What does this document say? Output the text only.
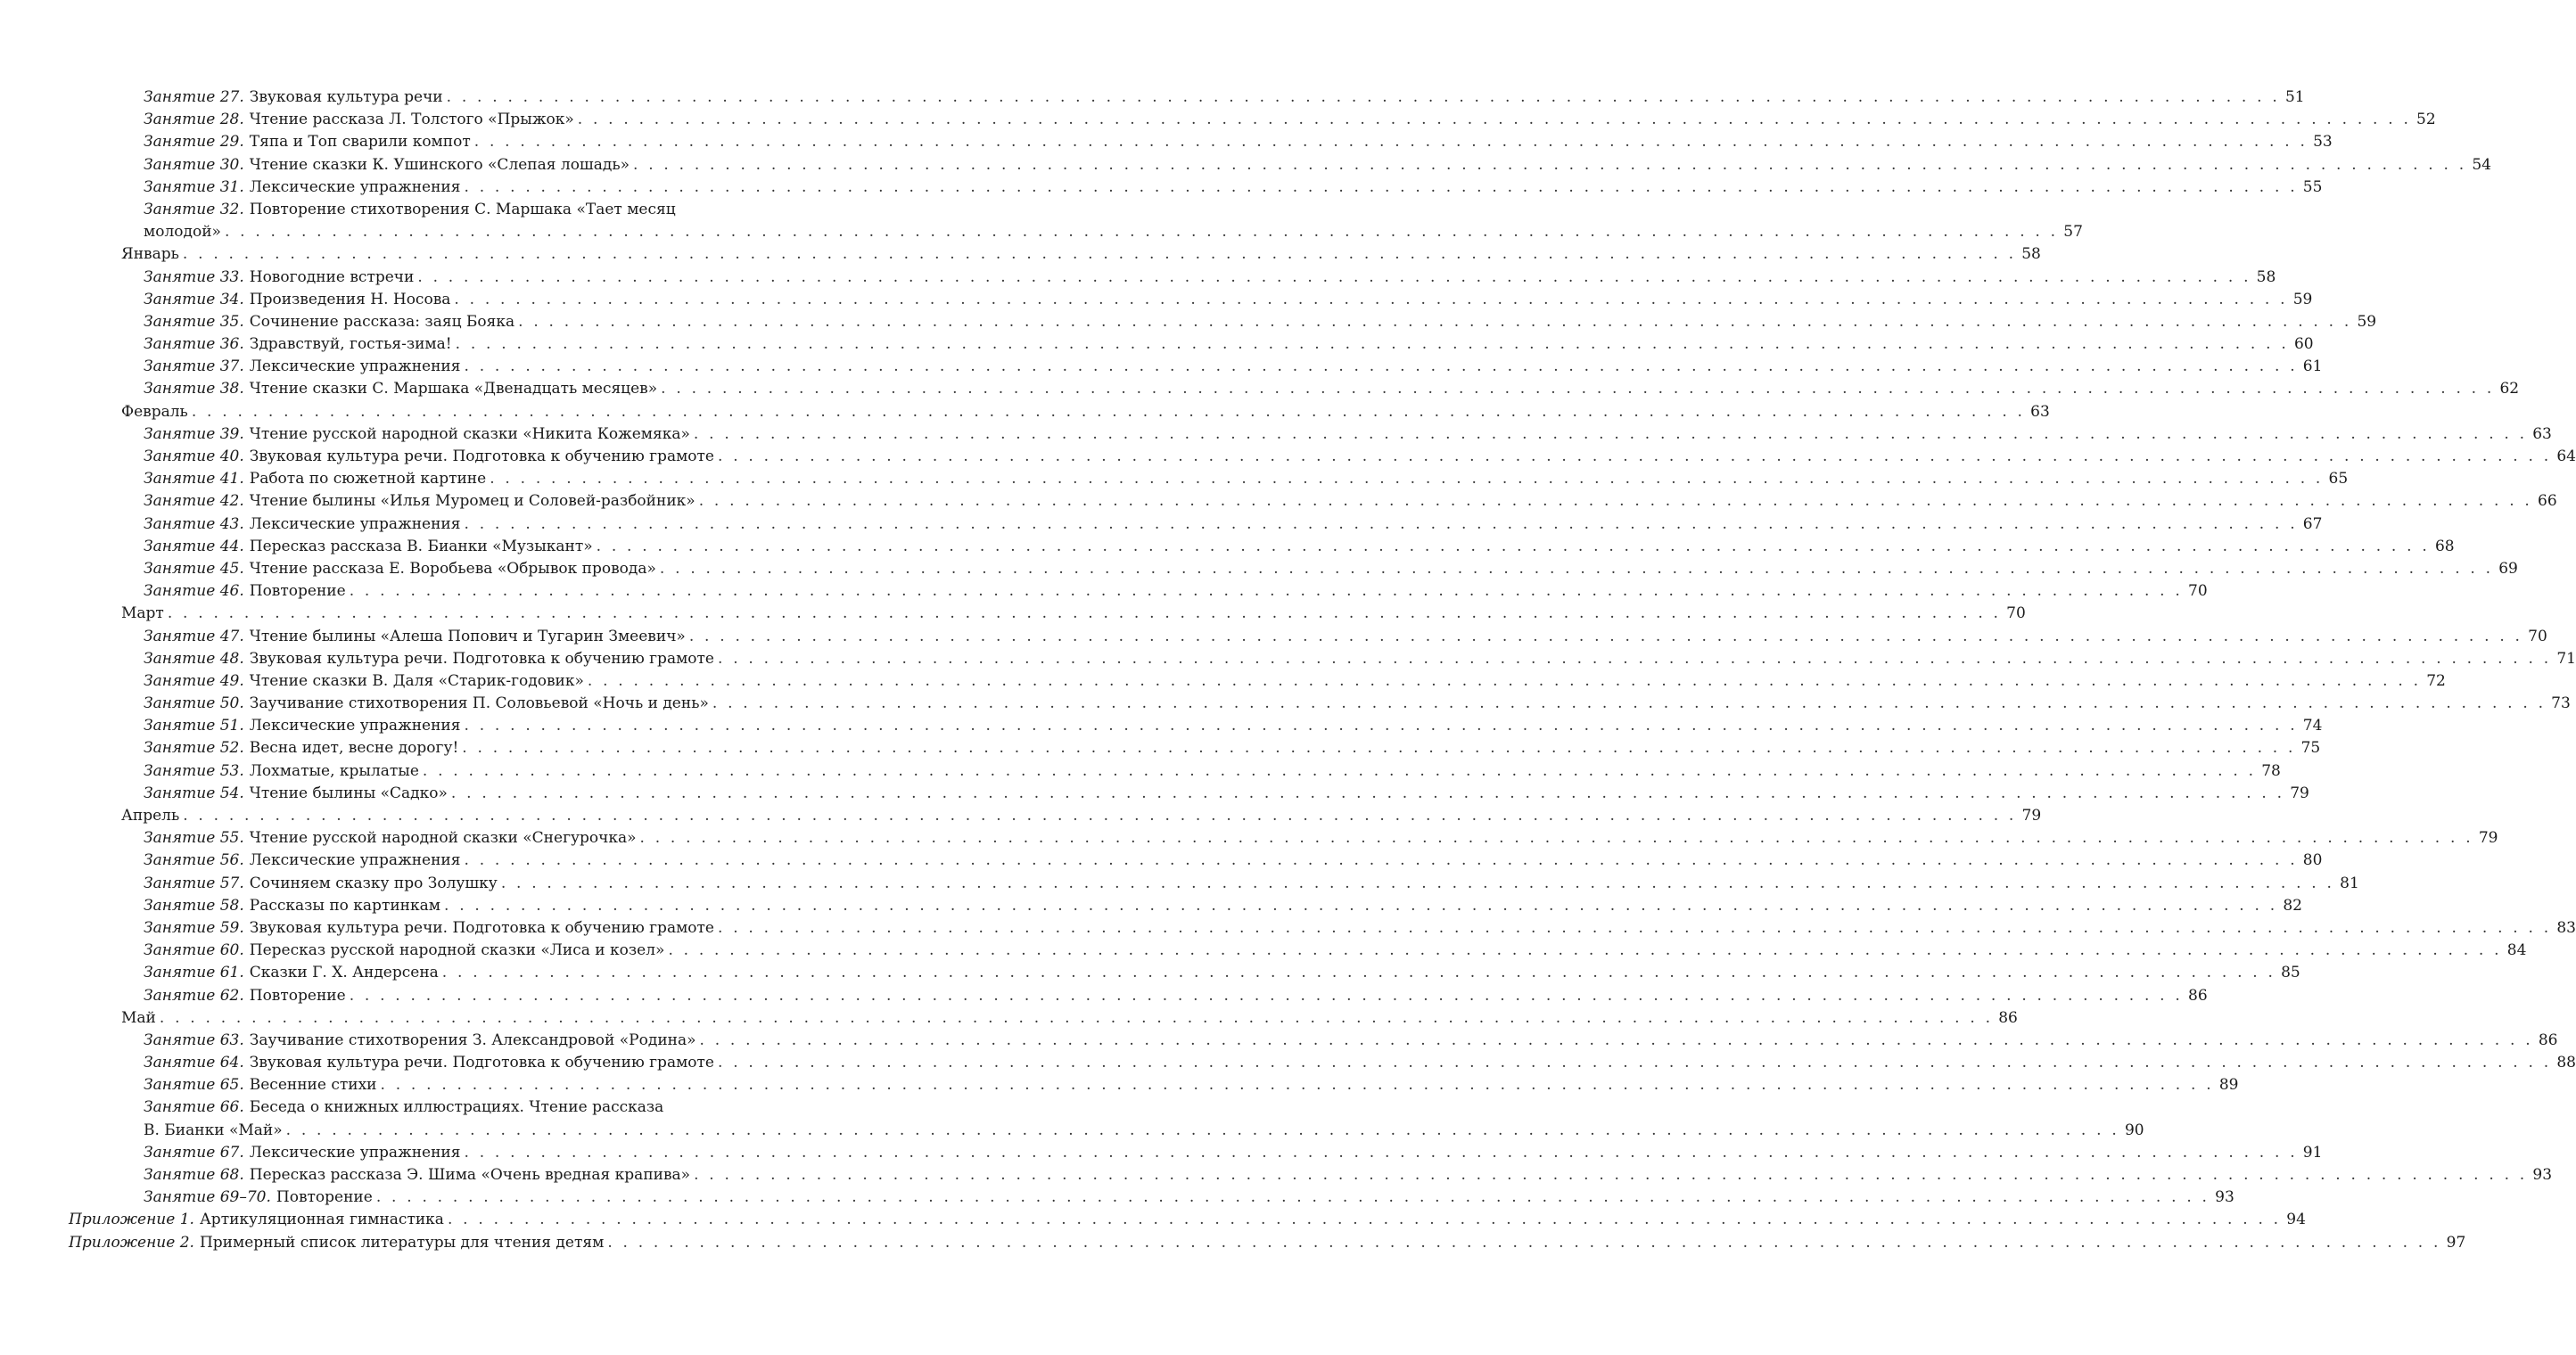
Занятие 27. Звуковая культура речи . . . . . . . . . . . . . . . . . . . . . . . . . . . . . . . . . . . . . . . . . . . . . . . . . . . . . . . . . . . . . . . . . . . . . . . . . . . . . . . . . . . . . . . . . . . . . . . . . . . . . . . . . . . . . . . . . . . . . . . . 51
Занятие 28. Чтение рассказа Л. Толстого «Прыжок» . . . . . . . . . . . . . . . . . . . . . . . . . . . . . . . . . . . . . . . . . . . . . . . . . . . . . . . . . . . . . . . . . . . . . . . . . . . . . . . . . . . . . . . . . . . . . . . . . . . . . . . . . . . . . . . . . . . . . . . . 52
Занятие 29. Тяпа и Топ сварили компот . . . . . . . . . . . . . . . . . . . . . . . . . . . . . . . . . . . . . . . . . . . . . . . . . . . . . . . . . . . . . . . . . . . . . . . . . . . . . . . . . . . . . . . . . . . . . . . . . . . . . . . . . . . . . . . . . . . . . . . . 53
Занятие 30. Чтение сказки К. Ушинского «Слепая лошадь» . . . . . . . . . . . . . . . . . . . . . . . . . . . . . . . . . . . . . . . . . . . . . . . . . . . . . . . . . . . . . . . . . . . . . . . . . . . . . . . . . . . . . . . . . . . . . . . . . . . . . . . . . . . . . . . . . . . . . . . . 54
Занятие 31. Лексические упражнения . . . . . . . . . . . . . . . . . . . . . . . . . . . . . . . . . . . . . . . . . . . . . . . . . . . . . . . . . . . . . . . . . . . . . . . . . . . . . . . . . . . . . . . . . . . . . . . . . . . . . . . . . . . . . . . . . . . . . . . . 55
Занятие 32. Повторение стихотворения С. Маршака «Тает месяц
молодой» . . . . . . . . . . . . . . . . . . . . . . . . . . . . . . . . . . . . . . . . . . . . . . . . . . . . . . . . . . . . . . . . . . . . . . . . . . . . . . . . . . . . . . . . . . . . . . . . . . . . . . . . . . . . . . . . . . . . . . . . 57
Январь . . . . . . . . . . . . . . . . . . . . . . . . . . . . . . . . . . . . . . . . . . . . . . . . . . . . . . . . . . . . . . . . . . . . . . . . . . . . . . . . . . . . . . . . . . . . . . . . . . . . . . . . . . . . . . . . . . . . . . . . 58
Занятие 33. Новогодние встречи . . . . . . . . . . . . . . . . . . . . . . . . . . . . . . . . . . . . . . . . . . . . . . . . . . . . . . . . . . . . . . . . . . . . . . . . . . . . . . . . . . . . . . . . . . . . . . . . . . . . . . . . . . . . . . . . . . . . . . . . 58
Занятие 34. Произведения Н. Носова . . . . . . . . . . . . . . . . . . . . . . . . . . . . . . . . . . . . . . . . . . . . . . . . . . . . . . . . . . . . . . . . . . . . . . . . . . . . . . . . . . . . . . . . . . . . . . . . . . . . . . . . . . . . . . . . . . . . . . . . 59
Занятие 35. Сочинение рассказа: заяц Бояка . . . . . . . . . . . . . . . . . . . . . . . . . . . . . . . . . . . . . . . . . . . . . . . . . . . . . . . . . . . . . . . . . . . . . . . . . . . . . . . . . . . . . . . . . . . . . . . . . . . . . . . . . . . . . . . . . . . . . . . . 59
Занятие 36. Здравствуй, гостья-зима! . . . . . . . . . . . . . . . . . . . . . . . . . . . . . . . . . . . . . . . . . . . . . . . . . . . . . . . . . . . . . . . . . . . . . . . . . . . . . . . . . . . . . . . . . . . . . . . . . . . . . . . . . . . . . . . . . . . . . . . . 60
Занятие 37. Лексические упражнения . . . . . . . . . . . . . . . . . . . . . . . . . . . . . . . . . . . . . . . . . . . . . . . . . . . . . . . . . . . . . . . . . . . . . . . . . . . . . . . . . . . . . . . . . . . . . . . . . . . . . . . . . . . . . . . . . . . . . . . . 61
Занятие 38. Чтение сказки С. Маршака «Двенадцать месяцев» . . . . . . . . . . . . . . . . . . . . . . . . . . . . . . . . . . . . . . . . . . . . . . . . . . . . . . . . . . . . . . . . . . . . . . . . . . . . . . . . . . . . . . . . . . . . . . . . . . . . . . . . . . . . . . . . . . . . . . . . 62
Февраль . . . . . . . . . . . . . . . . . . . . . . . . . . . . . . . . . . . . . . . . . . . . . . . . . . . . . . . . . . . . . . . . . . . . . . . . . . . . . . . . . . . . . . . . . . . . . . . . . . . . . . . . . . . . . . . . . . . . . . . . 63
Занятие 39. Чтение русской народной сказки «Никита Кожемяка» . . . . . . . . . . . . . . . . . . . . . . . . . . . . . . . . . . . . . . . . . . . . . . . . . . . . . . . . . . . . . . . . . . . . . . . . . . . . . . . . . . . . . . . . . . . . . . . . . . . . . . . . . . . . . . . . . . . . . . . . 63
Занятие 40. Звуковая культура речи. Подготовка к обучению грамоте . . . . . . . . . . . . . . . . . . . . . . . . . . . . . . . . . . . . . . . . . . . . . . . . . . . . . . . . . . . . . . . . . . . . . . . . . . . . . . . . . . . . . . . . . . . . . . . . . . . . . . . . . . . . . . . . . . . . . . . . 64
Занятие 41. Работа по сюжетной картине . . . . . . . . . . . . . . . . . . . . . . . . . . . . . . . . . . . . . . . . . . . . . . . . . . . . . . . . . . . . . . . . . . . . . . . . . . . . . . . . . . . . . . . . . . . . . . . . . . . . . . . . . . . . . . . . . . . . . . . . 65
Занятие 42. Чтение былины «Илья Муромец и Соловей-разбойник» . . . . . . . . . . . . . . . . . . . . . . . . . . . . . . . . . . . . . . . . . . . . . . . . . . . . . . . . . . . . . . . . . . . . . . . . . . . . . . . . . . . . . . . . . . . . . . . . . . . . . . . . . . . . . . . . . . . . . . . . 66
Занятие 43. Лексические упражнения . . . . . . . . . . . . . . . . . . . . . . . . . . . . . . . . . . . . . . . . . . . . . . . . . . . . . . . . . . . . . . . . . . . . . . . . . . . . . . . . . . . . . . . . . . . . . . . . . . . . . . . . . . . . . . . . . . . . . . . . 67
Занятие 44. Пересказ рассказа В. Бианки «Музыкант» . . . . . . . . . . . . . . . . . . . . . . . . . . . . . . . . . . . . . . . . . . . . . . . . . . . . . . . . . . . . . . . . . . . . . . . . . . . . . . . . . . . . . . . . . . . . . . . . . . . . . . . . . . . . . . . . . . . . . . . . 68
Занятие 45. Чтение рассказа Е. Воробьева «Обрывок провода» . . . . . . . . . . . . . . . . . . . . . . . . . . . . . . . . . . . . . . . . . . . . . . . . . . . . . . . . . . . . . . . . . . . . . . . . . . . . . . . . . . . . . . . . . . . . . . . . . . . . . . . . . . . . . . . . . . . . . . . . 69
Занятие 46. Повторение . . . . . . . . . . . . . . . . . . . . . . . . . . . . . . . . . . . . . . . . . . . . . . . . . . . . . . . . . . . . . . . . . . . . . . . . . . . . . . . . . . . . . . . . . . . . . . . . . . . . . . . . . . . . . . . . . . . . . . . . 70
Март . . . . . . . . . . . . . . . . . . . . . . . . . . . . . . . . . . . . . . . . . . . . . . . . . . . . . . . . . . . . . . . . . . . . . . . . . . . . . . . . . . . . . . . . . . . . . . . . . . . . . . . . . . . . . . . . . . . . . . . . 70
Занятие 47. Чтение былины «Алеша Попович и Тугарин Змеевич» . . . . . . . . . . . . . . . . . . . . . . . . . . . . . . . . . . . . . . . . . . . . . . . . . . . . . . . . . . . . . . . . . . . . . . . . . . . . . . . . . . . . . . . . . . . . . . . . . . . . . . . . . . . . . . . . . . . . . . . . 70
Занятие 48. Звуковая культура речи. Подготовка к обучению грамоте . . . . . . . . . . . . . . . . . . . . . . . . . . . . . . . . . . . . . . . . . . . . . . . . . . . . . . . . . . . . . . . . . . . . . . . . . . . . . . . . . . . . . . . . . . . . . . . . . . . . . . . . . . . . . . . . . . . . . . . . 71
Занятие 49. Чтение сказки В. Даля «Старик-годовик» . . . . . . . . . . . . . . . . . . . . . . . . . . . . . . . . . . . . . . . . . . . . . . . . . . . . . . . . . . . . . . . . . . . . . . . . . . . . . . . . . . . . . . . . . . . . . . . . . . . . . . . . . . . . . . . . . . . . . . . . 72
Занятие 50. Заучивание стихотворения П. Соловьевой «Ночь и день» . . . . . . . . . . . . . . . . . . . . . . . . . . . . . . . . . . . . . . . . . . . . . . . . . . . . . . . . . . . . . . . . . . . . . . . . . . . . . . . . . . . . . . . . . . . . . . . . . . . . . . . . . . . . . . . . . . . . . . . . 73
Занятие 51. Лексические упражнения . . . . . . . . . . . . . . . . . . . . . . . . . . . . . . . . . . . . . . . . . . . . . . . . . . . . . . . . . . . . . . . . . . . . . . . . . . . . . . . . . . . . . . . . . . . . . . . . . . . . . . . . . . . . . . . . . . . . . . . . 74
Занятие 52. Весна идет, весне дорогу! . . . . . . . . . . . . . . . . . . . . . . . . . . . . . . . . . . . . . . . . . . . . . . . . . . . . . . . . . . . . . . . . . . . . . . . . . . . . . . . . . . . . . . . . . . . . . . . . . . . . . . . . . . . . . . . . . . . . . . . . 75
Занятие 53. Лохматые, крылатые . . . . . . . . . . . . . . . . . . . . . . . . . . . . . . . . . . . . . . . . . . . . . . . . . . . . . . . . . . . . . . . . . . . . . . . . . . . . . . . . . . . . . . . . . . . . . . . . . . . . . . . . . . . . . . . . . . . . . . . . 78
Занятие 54. Чтение былины «Садко» . . . . . . . . . . . . . . . . . . . . . . . . . . . . . . . . . . . . . . . . . . . . . . . . . . . . . . . . . . . . . . . . . . . . . . . . . . . . . . . . . . . . . . . . . . . . . . . . . . . . . . . . . . . . . . . . . . . . . . . . 79
Апрель . . . . . . . . . . . . . . . . . . . . . . . . . . . . . . . . . . . . . . . . . . . . . . . . . . . . . . . . . . . . . . . . . . . . . . . . . . . . . . . . . . . . . . . . . . . . . . . . . . . . . . . . . . . . . . . . . . . . . . . . 79
Занятие 55. Чтение русской народной сказки «Снегурочка» . . . . . . . . . . . . . . . . . . . . . . . . . . . . . . . . . . . . . . . . . . . . . . . . . . . . . . . . . . . . . . . . . . . . . . . . . . . . . . . . . . . . . . . . . . . . . . . . . . . . . . . . . . . . . . . . . . . . . . . . 79
Занятие 56. Лексические упражнения . . . . . . . . . . . . . . . . . . . . . . . . . . . . . . . . . . . . . . . . . . . . . . . . . . . . . . . . . . . . . . . . . . . . . . . . . . . . . . . . . . . . . . . . . . . . . . . . . . . . . . . . . . . . . . . . . . . . . . . . 80
Занятие 57. Сочиняем сказку про Золушку . . . . . . . . . . . . . . . . . . . . . . . . . . . . . . . . . . . . . . . . . . . . . . . . . . . . . . . . . . . . . . . . . . . . . . . . . . . . . . . . . . . . . . . . . . . . . . . . . . . . . . . . . . . . . . . . . . . . . . . . 81
Занятие 58. Рассказы по картинкам . . . . . . . . . . . . . . . . . . . . . . . . . . . . . . . . . . . . . . . . . . . . . . . . . . . . . . . . . . . . . . . . . . . . . . . . . . . . . . . . . . . . . . . . . . . . . . . . . . . . . . . . . . . . . . . . . . . . . . . . 82
Занятие 59. Звуковая культура речи. Подготовка к обучению грамоте . . . . . . . . . . . . . . . . . . . . . . . . . . . . . . . . . . . . . . . . . . . . . . . . . . . . . . . . . . . . . . . . . . . . . . . . . . . . . . . . . . . . . . . . . . . . . . . . . . . . . . . . . . . . . . . . . . . . . . . . 83
Занятие 60. Пересказ русской народной сказки «Лиса и козел» . . . . . . . . . . . . . . . . . . . . . . . . . . . . . . . . . . . . . . . . . . . . . . . . . . . . . . . . . . . . . . . . . . . . . . . . . . . . . . . . . . . . . . . . . . . . . . . . . . . . . . . . . . . . . . . . . . . . . . . . 84
Занятие 61. Сказки Г. Х. Андерсена . . . . . . . . . . . . . . . . . . . . . . . . . . . . . . . . . . . . . . . . . . . . . . . . . . . . . . . . . . . . . . . . . . . . . . . . . . . . . . . . . . . . . . . . . . . . . . . . . . . . . . . . . . . . . . . . . . . . . . . . 85
Занятие 62. Повторение . . . . . . . . . . . . . . . . . . . . . . . . . . . . . . . . . . . . . . . . . . . . . . . . . . . . . . . . . . . . . . . . . . . . . . . . . . . . . . . . . . . . . . . . . . . . . . . . . . . . . . . . . . . . . . . . . . . . . . . . 86
Май . . . . . . . . . . . . . . . . . . . . . . . . . . . . . . . . . . . . . . . . . . . . . . . . . . . . . . . . . . . . . . . . . . . . . . . . . . . . . . . . . . . . . . . . . . . . . . . . . . . . . . . . . . . . . . . . . . . . . . . . 86
Занятие 63. Заучивание стихотворения З. Александровой «Родина» . . . . . . . . . . . . . . . . . . . . . . . . . . . . . . . . . . . . . . . . . . . . . . . . . . . . . . . . . . . . . . . . . . . . . . . . . . . . . . . . . . . . . . . . . . . . . . . . . . . . . . . . . . . . . . . . . . . . . . . . 86
Занятие 64. Звуковая культура речи. Подготовка к обучению грамоте . . . . . . . . . . . . . . . . . . . . . . . . . . . . . . . . . . . . . . . . . . . . . . . . . . . . . . . . . . . . . . . . . . . . . . . . . . . . . . . . . . . . . . . . . . . . . . . . . . . . . . . . . . . . . . . . . . . . . . . . 88
Занятие 65. Весенние стихи . . . . . . . . . . . . . . . . . . . . . . . . . . . . . . . . . . . . . . . . . . . . . . . . . . . . . . . . . . . . . . . . . . . . . . . . . . . . . . . . . . . . . . . . . . . . . . . . . . . . . . . . . . . . . . . . . . . . . . . . 89
Занятие 66. Беседа о книжных иллюстрациях. Чтение рассказа
В. Бианки «Май» . . . . . . . . . . . . . . . . . . . . . . . . . . . . . . . . . . . . . . . . . . . . . . . . . . . . . . . . . . . . . . . . . . . . . . . . . . . . . . . . . . . . . . . . . . . . . . . . . . . . . . . . . . . . . . . . . . . . . . . . 90
Занятие 67. Лексические упражнения . . . . . . . . . . . . . . . . . . . . . . . . . . . . . . . . . . . . . . . . . . . . . . . . . . . . . . . . . . . . . . . . . . . . . . . . . . . . . . . . . . . . . . . . . . . . . . . . . . . . . . . . . . . . . . . . . . . . . . . . 91
Занятие 68. Пересказ рассказа Э. Шима «Очень вредная крапива» . . . . . . . . . . . . . . . . . . . . . . . . . . . . . . . . . . . . . . . . . . . . . . . . . . . . . . . . . . . . . . . . . . . . . . . . . . . . . . . . . . . . . . . . . . . . . . . . . . . . . . . . . . . . . . . . . . . . . . . . 93
Занятие 69–70. Повторение . . . . . . . . . . . . . . . . . . . . . . . . . . . . . . . . . . . . . . . . . . . . . . . . . . . . . . . . . . . . . . . . . . . . . . . . . . . . . . . . . . . . . . . . . . . . . . . . . . . . . . . . . . . . . . . . . . . . . . . . 93
Приложение 1. Артикуляционная гимнастика . . . . . . . . . . . . . . . . . . . . . . . . . . . . . . . . . . . . . . . . . . . . . . . . . . . . . . . . . . . . . . . . . . . . . . . . . . . . . . . . . . . . . . . . . . . . . . . . . . . . . . . . . . . . . . . . . . . . . . . . 94
Приложение 2. Примерный список литературы для чтения детям . . . . . . . . . . . . . . . . . . . . . . . . . . . . . . . . . . . . . . . . . . . . . . . . . . . . . . . . . . . . . . . . . . . . . . . . . . . . . . . . . . . . . . . . . . . . . . . . . . . . . . . . . . . . . . . . . . . . . . . . 97
